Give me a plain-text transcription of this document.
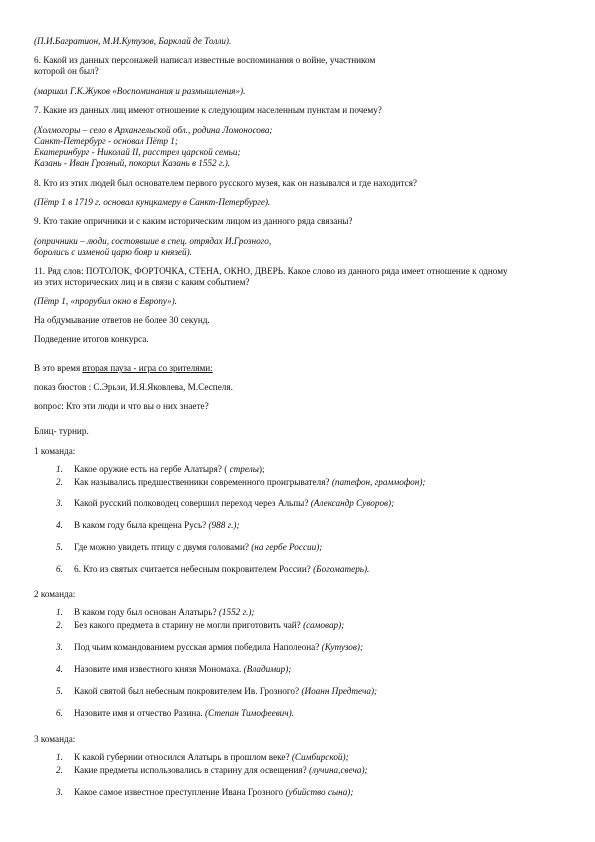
(П.И.Багратион, М.И.Кутузов, Барклай де Толли).
6. Какой из данных персонажей написал известные воспоминания о войне, участником
которой он был?
(маршал Г.К.Жуков «Воспоминания и размышления»).
7. Какие из данных лиц имеют отношение к следующим населенным пунктам и почему?
(Холмогоры – село в Архангельской обл., родина Ломоносова;
Санкт-Петербург - основал Пётр 1;
Екатеринбург - Николай II, расстрел царской семьи;
Казань - Иван Грозный, покорил Казань в 1552 г.).
8. Кто из этих людей был основателем первого русского музея, как он назывался и где находится?
(Пётр 1 в 1719 г. основал кунцкамеру в Санкт-Петербурге).
9. Кто такие опричники и с каким историческим лицом из данного ряда связаны?
(опричники – люди, состоявшие в спец. отрядах И.Грозного,
боролись с изменой царю бояр и князей).
11. Ряд слов: ПОТОЛОК, ФОРТОЧКА, СТЕНА, ОКНО, ДВЕРЬ. Какое слово из данного ряда имеет отношение к одному
из этих исторических лиц и в связи с каким событием?
(Пётр 1, «прорубил окно в Европу»).
На обдумывание ответов не более 30 секунд.
Подведение итогов конкурса.
В это время вторая пауза - игра со зрителями:
показ бюстов : С.Эрьзи, И.Я.Яковлева, М.Сеспеля.
вопрос: Кто эти люди и что вы о них знаете?
Блиц- турнир.
1 команда:
1.	Какое оружие есть на гербе Алатыря? ( стрелы);
2.	Как назывались предшественники современного проигрывателя? (патефон, граммофон);
3.	Какой русский полководец совершил переход через Альпы? (Александр Суворов);
4.	В каком году была крещена Русь? (988 г.);
5.	Где можно увидеть птицу с двумя головами? (на гербе России);
6.	6. Кто из святых считается небесным покровителем России? (Богоматерь).
2 команда:
1.	В каком году был основан Алатырь? (1552 г.);
2.	Без какого предмета в старину не могли приготовить чай? (самовар);
3.	Под чьим командованием русская армия победила Наполеона? (Кутузов);
4.	Назовите имя известного князя Мономаха. (Владимир);
5.	Какой святой был небесным покровителем Ив. Грозного? (Иоанн Предтеча);
6.	Назовите имя и отчество Разина. (Степан Тимофеевич).
3 команда:
1.	К какой губернии относился Алатырь в прошлом веке? (Симбирской);
2.	Какие предметы использовались в старину для освещения? (лучина,свеча);
3.	Какое самое известное преступление Ивана Грозного (убийство сына);
